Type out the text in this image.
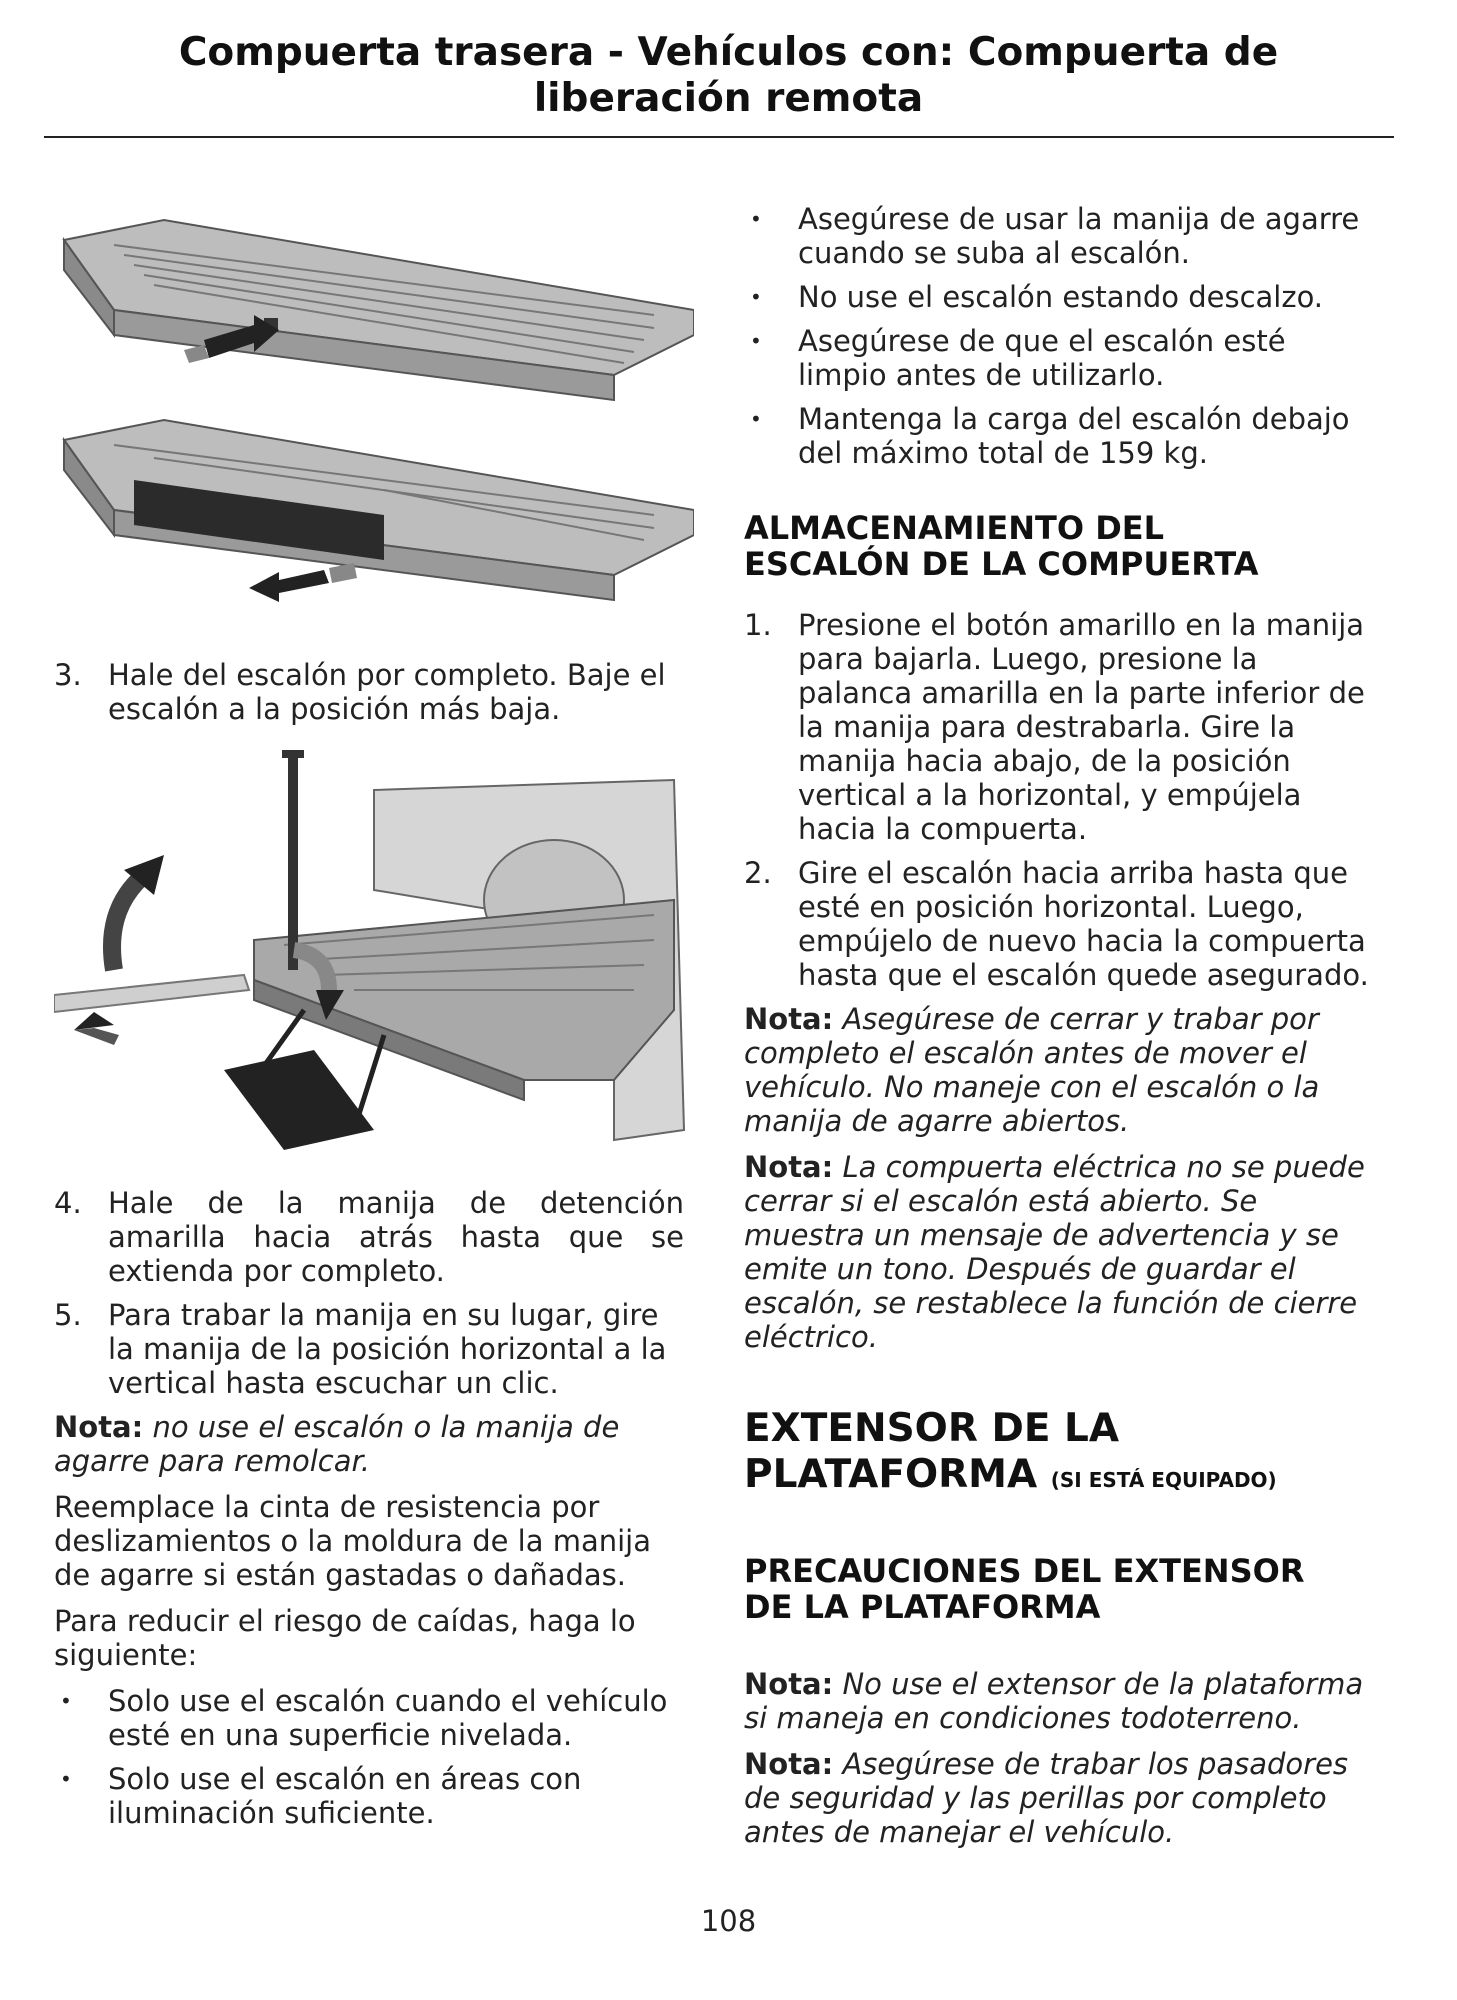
Compuerta trasera - Vehículos con: Compuerta de
liberación remota
3. Hale del escalón por completo. Baje el escalón a la posición más baja.
4. Hale de la manija de detención amarilla hacia atrás hasta que se extienda por completo.
5. Para trabar la manija en su lugar, gire la manija de la posición horizontal a la vertical hasta escuchar un clic.

Nota: no use el escalón o la manija de agarre para remolcar.

Reemplace la cinta de resistencia por deslizamientos o la moldura de la manija de agarre si están gastadas o dañadas.

Para reducir el riesgo de caídas, haga lo siguiente:

• Solo use el escalón cuando el vehículo esté en una superficie nivelada.
• Solo use el escalón en áreas con iluminación suficiente.
• Asegúrese de usar la manija de agarre cuando se suba al escalón.
• No use el escalón estando descalzo.
• Asegúrese de que el escalón esté limpio antes de utilizarlo.
• Mantenga la carga del escalón debajo del máximo total de 159 kg.
ALMACENAMIENTO DEL
ESCALÓN DE LA COMPUERTA
1. Presione el botón amarillo en la manija para bajarla. Luego, presione la palanca amarilla en la parte inferior de la manija para destrabarla. Gire la manija hacia abajo, de la posición vertical a la horizontal, y empújela hacia la compuerta.
2. Gire el escalón hacia arriba hasta que esté en posición horizontal. Luego, empújelo de nuevo hacia la compuerta hasta que el escalón quede asegurado.

Nota: Asegúrese de cerrar y trabar por completo el escalón antes de mover el vehículo. No maneje con el escalón o la manija de agarre abiertos.

Nota: La compuerta eléctrica no se puede cerrar si el escalón está abierto. Se muestra un mensaje de advertencia y se emite un tono. Después de guardar el escalón, se restablece la función de cierre eléctrico.

EXTENSOR DE LA
PLATAFORMA (SI ESTÁ EQUIPADO)
PRECAUCIONES DEL EXTENSOR
DE LA PLATAFORMA

Nota: No use el extensor de la plataforma si maneja en condiciones todoterreno.

Nota: Asegúrese de trabar los pasadores de seguridad y las perillas por completo antes de manejar el vehículo.

108
